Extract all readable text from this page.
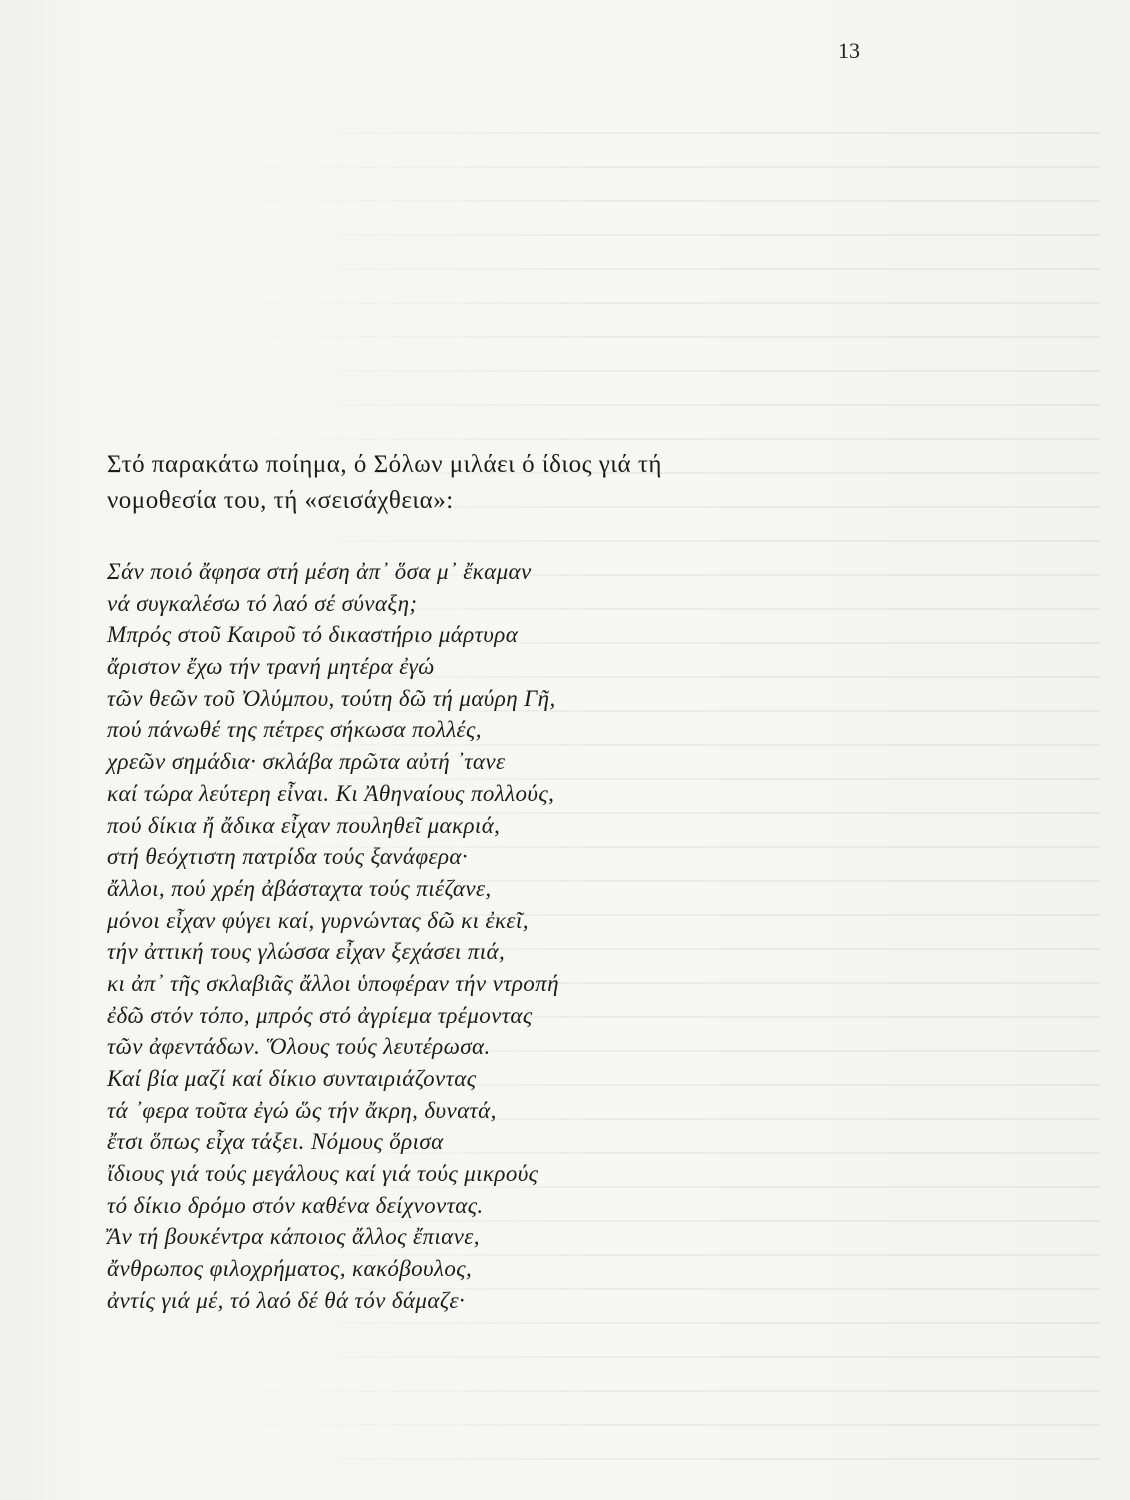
13

Στό παρακάτω ποίημα, ό Σόλων μιλάει ό ίδιος γιά τή
νομοθεσία του, τή «σεισάχθεια»:

Σάν ποιό ἄφησα στή μέση ἀπ᾽ ὅσα μ᾽ ἔκαμαν
νά συγκαλέσω τό λαό σέ σύναξη;
Μπρός στοῦ Καιροῦ τό δικαστήριο μάρτυρα
ἄριστον ἔχω τήν τρανή μητέρα ἐγώ
τῶν θεῶν τοῦ Ὀλύμπου, τούτη δῶ τή μαύρη Γῆ,
πού πάνωθέ της πέτρες σήκωσα πολλές,
χρεῶν σημάδια· σκλάβα πρῶτα αὐτή ᾽τανε
καί τώρα λεύτερη εἶναι. Κι Ἀθηναίους πολλούς,
πού δίκια ἤ ἄδικα εἶχαν πουληθεῖ μακριά,
στή θεόχτιστη πατρίδα τούς ξανάφερα·
ἄλλοι, πού χρέη ἀβάσταχτα τούς πιέζανε,
μόνοι εἶχαν φύγει καί, γυρνώντας δῶ κι ἐκεῖ,
τήν ἀττική τους γλώσσα εἶχαν ξεχάσει πιά,
κι ἀπ᾽ τῆς σκλαβιᾶς ἄλλοι ὑποφέραν τήν ντροπή
ἐδῶ στόν τόπο, μπρός στό ἀγρίεμα τρέμοντας
τῶν ἀφεντάδων. Ὅλους τούς λευτέρωσα.
Καί βία μαζί καί δίκιο συνταιριάζοντας
τά ᾽φερα τοῦτα ἐγώ ὥς τήν ἄκρη, δυνατά,
ἔτσι ὅπως εἶχα τάξει. Νόμους ὅρισα
ἴδιους γιά τούς μεγάλους καί γιά τούς μικρούς
τό δίκιο δρόμο στόν καθένα δείχνοντας.
Ἄν τή βουκέντρα κάποιος ἄλλος ἔπιανε,
ἄνθρωπος φιλοχρήματος, κακόβουλος,
ἀντίς γιά μέ, τό λαό δέ θά τόν δάμαζε·
